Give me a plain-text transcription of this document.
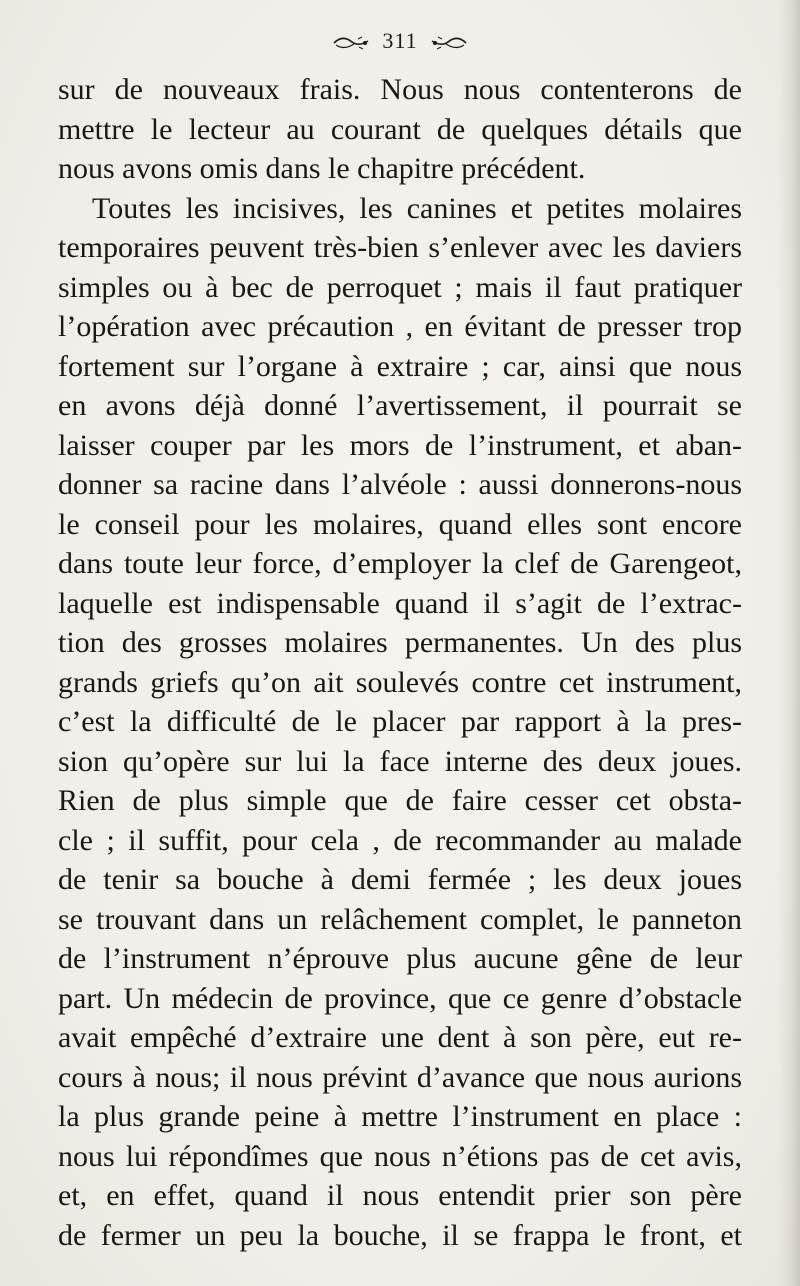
311
sur de nouveaux frais. Nous nous contenterons de
mettre le lecteur au courant de quelques détails que
nous avons omis dans le chapitre précédent.
Toutes les incisives, les canines et petites molaires
temporaires peuvent très-bien s’enlever avec les daviers
simples ou à bec de perroquet ; mais il faut pratiquer
l’opération avec précaution , en évitant de presser trop
fortement sur l’organe à extraire ; car, ainsi que nous
en avons déjà donné l’avertissement, il pourrait se
laisser couper par les mors de l’instrument, et aban-
donner sa racine dans l’alvéole : aussi donnerons-nous
le conseil pour les molaires, quand elles sont encore
dans toute leur force, d’employer la clef de Garengeot,
laquelle est indispensable quand il s’agit de l’extrac-
tion des grosses molaires permanentes. Un des plus
grands griefs qu’on ait soulevés contre cet instrument,
c’est la difficulté de le placer par rapport à la pres-
sion qu’opère sur lui la face interne des deux joues.
Rien de plus simple que de faire cesser cet obsta-
cle ; il suffit, pour cela , de recommander au malade
de tenir sa bouche à demi fermée ; les deux joues
se trouvant dans un relâchement complet, le panneton
de l’instrument n’éprouve plus aucune gêne de leur
part. Un médecin de province, que ce genre d’obstacle
avait empêché d’extraire une dent à son père, eut re-
cours à nous; il nous prévint d’avance que nous aurions
la plus grande peine à mettre l’instrument en place :
nous lui répondîmes que nous n’étions pas de cet avis,
et, en effet, quand il nous entendit prier son père
de fermer un peu la bouche, il se frappa le front, et
